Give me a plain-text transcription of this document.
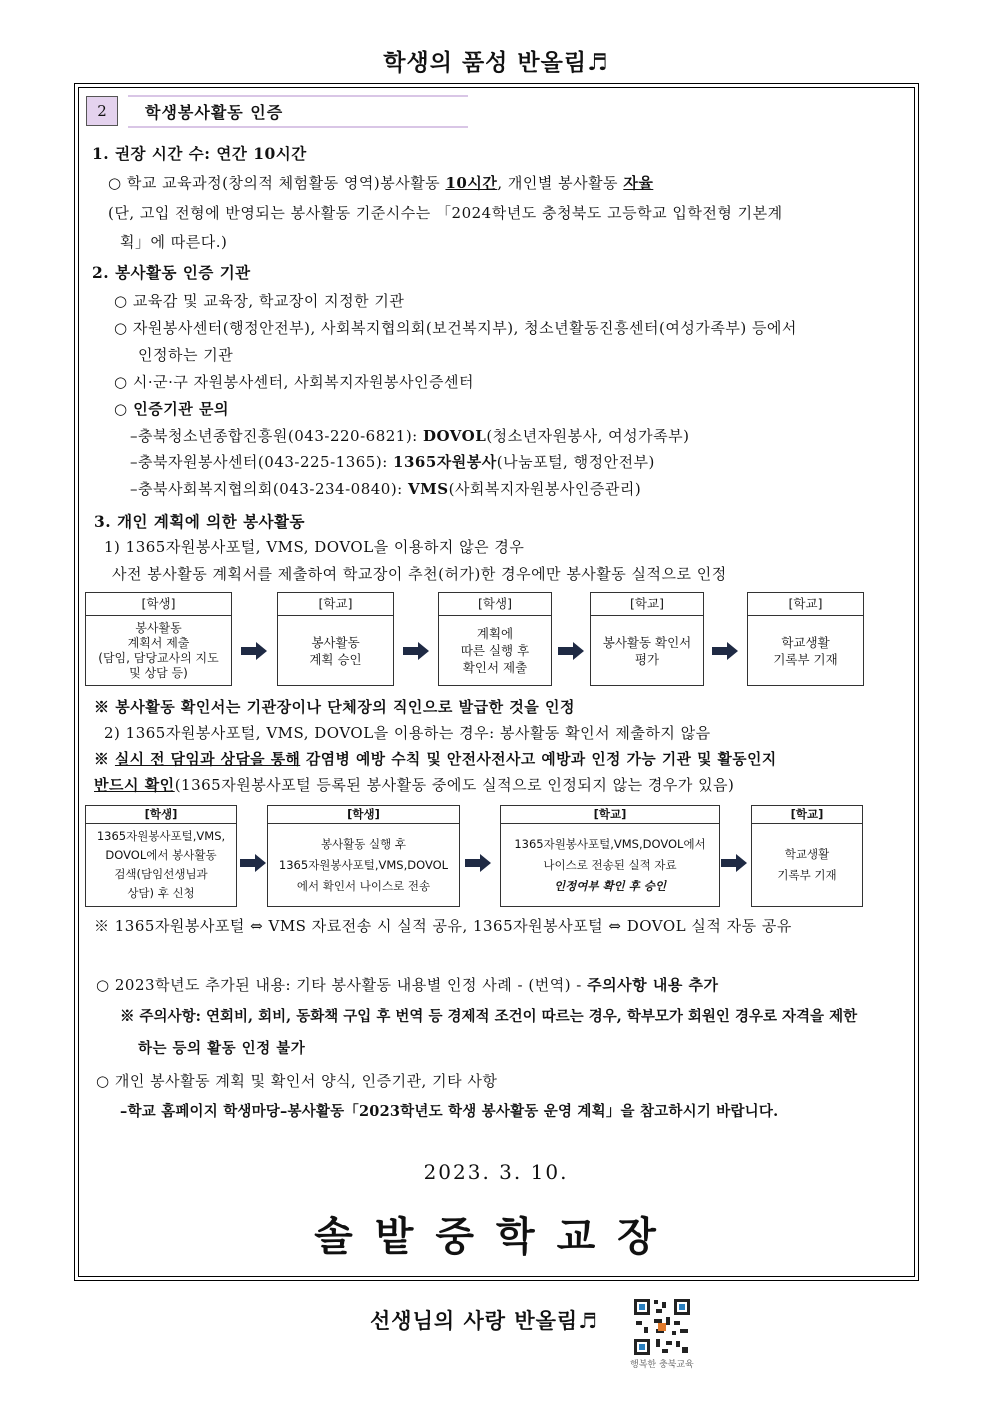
학생의 품성 반올림♬
2	학생봉사활동 인증
1. 권장 시간 수: 연간 10시간
○ 학교 교육과정(창의적 체험활동 영역)봉사활동 10시간, 개인별 봉사활동 자율
(단, 고입 전형에 반영되는 봉사활동 기준시수는 「2024학년도 충청북도 고등학교 입학전형 기본계
획」에 따른다.)
2. 봉사활동 인증 기관
○ 교육감 및 교육장, 학교장이 지정한 기관
○ 자원봉사센터(행정안전부), 사회복지협의회(보건복지부), 청소년활동진흥센터(여성가족부) 등에서
인정하는 기관
○ 시·군·구 자원봉사센터, 사회복지자원봉사인증센터
○ 인증기관 문의
–충북청소년종합진흥원(043-220-6821): DOVOL(청소년자원봉사, 여성가족부)
–충북자원봉사센터(043-225-1365): 1365자원봉사(나눔포털, 행정안전부)
–충북사회복지협의회(043-234-0840): VMS(사회복지자원봉사인증관리)
3. 개인 계획에 의한 봉사활동
1) 1365자원봉사포털, VMS, DOVOL을 이용하지 않은 경우
사전 봉사활동 계획서를 제출하여 학교장이 추천(허가)한 경우에만 봉사활동 실적으로 인정
[학생]
봉사활동
계획서 제출
(담임, 담당교사의 지도
및 상담 등)
[학교]
봉사활동
계획 승인
[학생]
계획에
따른 실행 후
확인서 제출
[학교]
봉사활동 확인서
평가
[학교]
학교생활
기록부 기재
※ 봉사활동 확인서는 기관장이나 단체장의 직인으로 발급한 것을 인정
2) 1365자원봉사포털, VMS, DOVOL을 이용하는 경우: 봉사활동 확인서 제출하지 않음
※ 실시 전 담임과 상담을 통해 감염병 예방 수칙 및 안전사전사고 예방과 인정 가능 기관 및 활동인지
반드시 확인(1365자원봉사포털 등록된 봉사활동 중에도 실적으로 인정되지 않는 경우가 있음)
[학생]
1365자원봉사포털,VMS,
DOVOL에서 봉사활동
검색(담임선생님과
상담) 후 신청
[학생]
봉사활동 실행 후
1365자원봉사포털,VMS,DOVOL
에서 확인서 나이스로 전송
[학교]
1365자원봉사포털,VMS,DOVOL에서
나이스로 전송된 실적 자료
인정여부 확인 후 승인
[학교]
학교생활
기록부 기재
※ 1365자원봉사포털 ⇔ VMS 자료전송 시 실적 공유, 1365자원봉사포털 ⇔ DOVOL 실적 자동 공유
○ 2023학년도 추가된 내용: 기타 봉사활동 내용별 인정 사례 - (번역) - 주의사항 내용 추가
※ 주의사항: 연회비, 회비, 동화책 구입 후 번역 등 경제적 조건이 따르는 경우, 학부모가 회원인 경우로 자격을 제한
하는 등의 활동 인정 불가
○ 개인 봉사활동 계획 및 확인서 양식, 인증기관, 기타 사항
–학교 홈페이지 학생마당–봉사활동「2023학년도 학생 봉사활동 운영 계획」을 참고하시기 바랍니다.
2023. 3. 10.
솔밭중학교장
선생님의 사랑 반올림♬
행복한 충북교육
